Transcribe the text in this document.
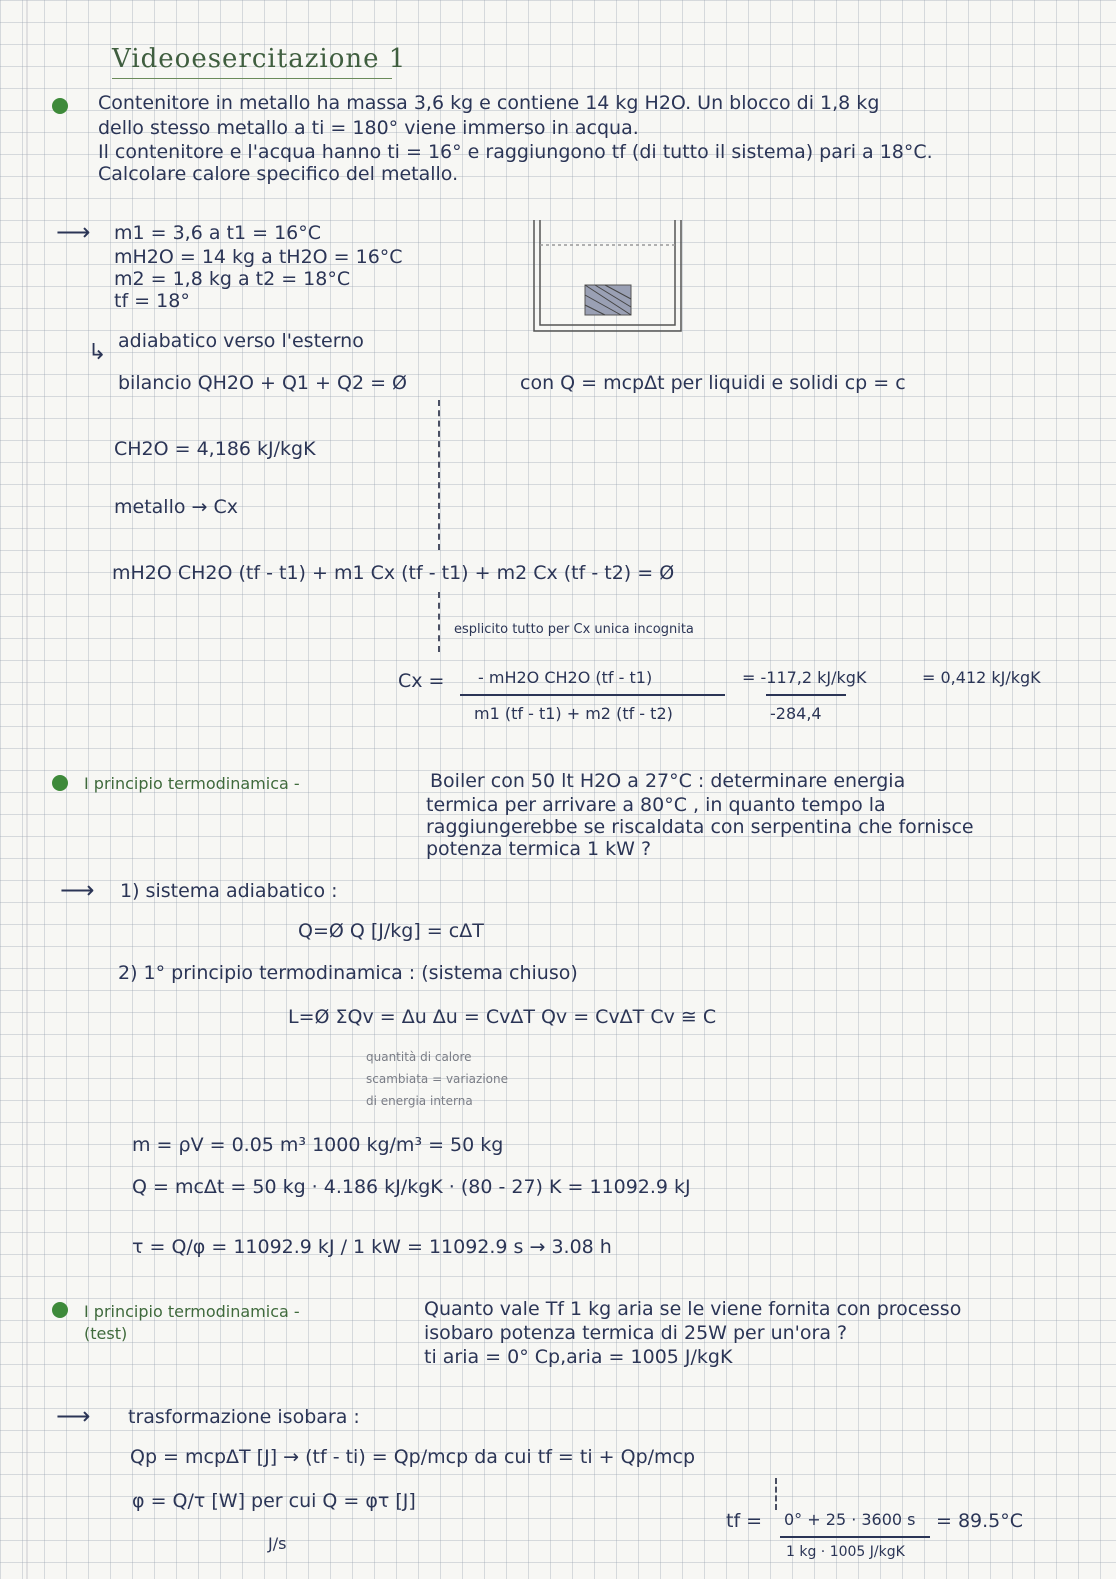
Videoesercitazione 1
Contenitore in metallo ha massa 3,6 kg e contiene 14 kg H2O. Un blocco di 1,8 kg
dello stesso metallo a ti = 180° viene immerso in acqua.
Il contenitore e l'acqua hanno ti = 16° e raggiungono tf (di tutto il sistema) pari a 18°C.
Calcolare calore specifico del metallo.
⟶ m1 = 3,6 a t1 = 16°C
mH2O = 14 kg a tH2O = 16°C
m2 = 1,8 kg a t2 = 18°C
tf = 18°
adiabatico verso l'esterno
↳
bilancio QH2O + Q1 + Q2 = Ø	con Q = mcpΔt per liquidi e solidi cp = c
CH2O = 4,186 kJ/kgK
metallo → Cx
mH2O CH2O (tf - t1) + m1 Cx (tf - t1) + m2 Cx (tf - t2) = Ø
esplicito tutto per Cx unica incognita
Cx = - mH2O CH2O (tf - t1)
m1 (tf - t1) + m2 (tf - t2)
= -117,2 kJ/kgK
-284,4
= 0,412 kJ/kgK
I principio termodinamica -	Boiler con 50 lt H2O a 27°C : determinare energia
termica per arrivare a 80°C , in quanto tempo la
raggiungerebbe se riscaldata con serpentina che fornisce
potenza termica 1 kW ?
⟶ 1) sistema adiabatico :
Q=Ø Q [J/kg] = cΔT
2) 1° principio termodinamica : (sistema chiuso)
L=Ø ΣQv = Δu Δu = CvΔT Qv = CvΔT Cv ≅ C
quantità di calore
scambiata = variazione
di energia interna
m = ρV = 0.05 m³ 1000 kg/m³ = 50 kg
Q = mcΔt = 50 kg · 4.186 kJ/kgK · (80 - 27) K = 11092.9 kJ
τ = Q/φ = 11092.9 kJ / 1 kW = 11092.9 s → 3.08 h
I principio termodinamica -
(test)
Quanto vale Tf 1 kg aria se le viene fornita con processo
isobaro potenza termica di 25W per un'ora ?
ti aria = 0° Cp,aria = 1005 J/kgK
⟶ trasformazione isobara :
Qp = mcpΔT [J] → (tf - ti) = Qp/mcp da cui tf = ti + Qp/mcp
φ = Q/τ [W] per cui Q = φτ [J]
J/s
tf = 0° + 25 · 3600 s
1 kg · 1005 J/kgK
= 89.5°C
